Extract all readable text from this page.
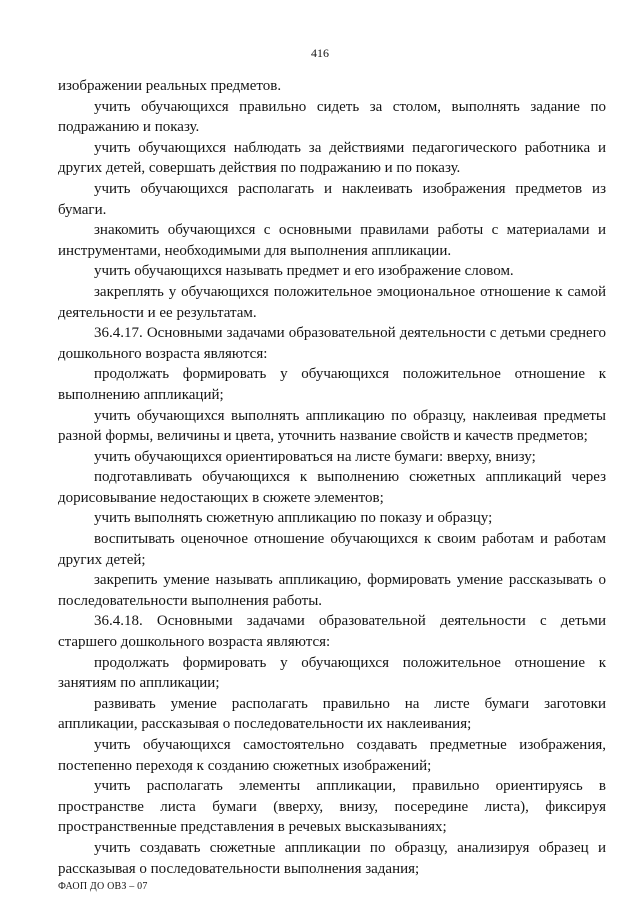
416

изображении реальных предметов.

учить обучающихся правильно сидеть за столом, выполнять задание по подражанию и показу.

учить обучающихся наблюдать за действиями педагогического работника и других детей, совершать действия по подражанию и по показу.

учить обучающихся располагать и наклеивать изображения предметов из бумаги.

знакомить обучающихся с основными правилами работы с материалами и инструментами, необходимыми для выполнения аппликации.

учить обучающихся называть предмет и его изображение словом.

закреплять у обучающихся положительное эмоциональное отношение к самой деятельности и ее результатам.

36.4.17. Основными задачами образовательной деятельности с детьми среднего дошкольного возраста являются:

продолжать формировать у обучающихся положительное отношение к выполнению аппликаций;

учить обучающихся выполнять аппликацию по образцу, наклеивая предметы разной формы, величины и цвета, уточнить название свойств и качеств предметов;

учить обучающихся ориентироваться на листе бумаги: вверху, внизу;

подготавливать обучающихся к выполнению сюжетных аппликаций через дорисовывание недостающих в сюжете элементов;

учить выполнять сюжетную аппликацию по показу и образцу;

воспитывать оценочное отношение обучающихся к своим работам и работам других детей;

закрепить умение называть аппликацию, формировать умение рассказывать о последовательности выполнения работы.

36.4.18. Основными задачами образовательной деятельности с детьми старшего дошкольного возраста являются:

продолжать формировать у обучающихся положительное отношение к занятиям по аппликации;

развивать умение располагать правильно на листе бумаги заготовки аппликации, рассказывая о последовательности их наклеивания;

учить обучающихся самостоятельно создавать предметные изображения, постепенно переходя к созданию сюжетных изображений;

учить располагать элементы аппликации, правильно ориентируясь в пространстве листа бумаги (вверху, внизу, посередине листа), фиксируя пространственные представления в речевых высказываниях;

учить создавать сюжетные аппликации по образцу, анализируя образец и рассказывая о последовательности выполнения задания;

ФАОП ДО ОВЗ – 07
